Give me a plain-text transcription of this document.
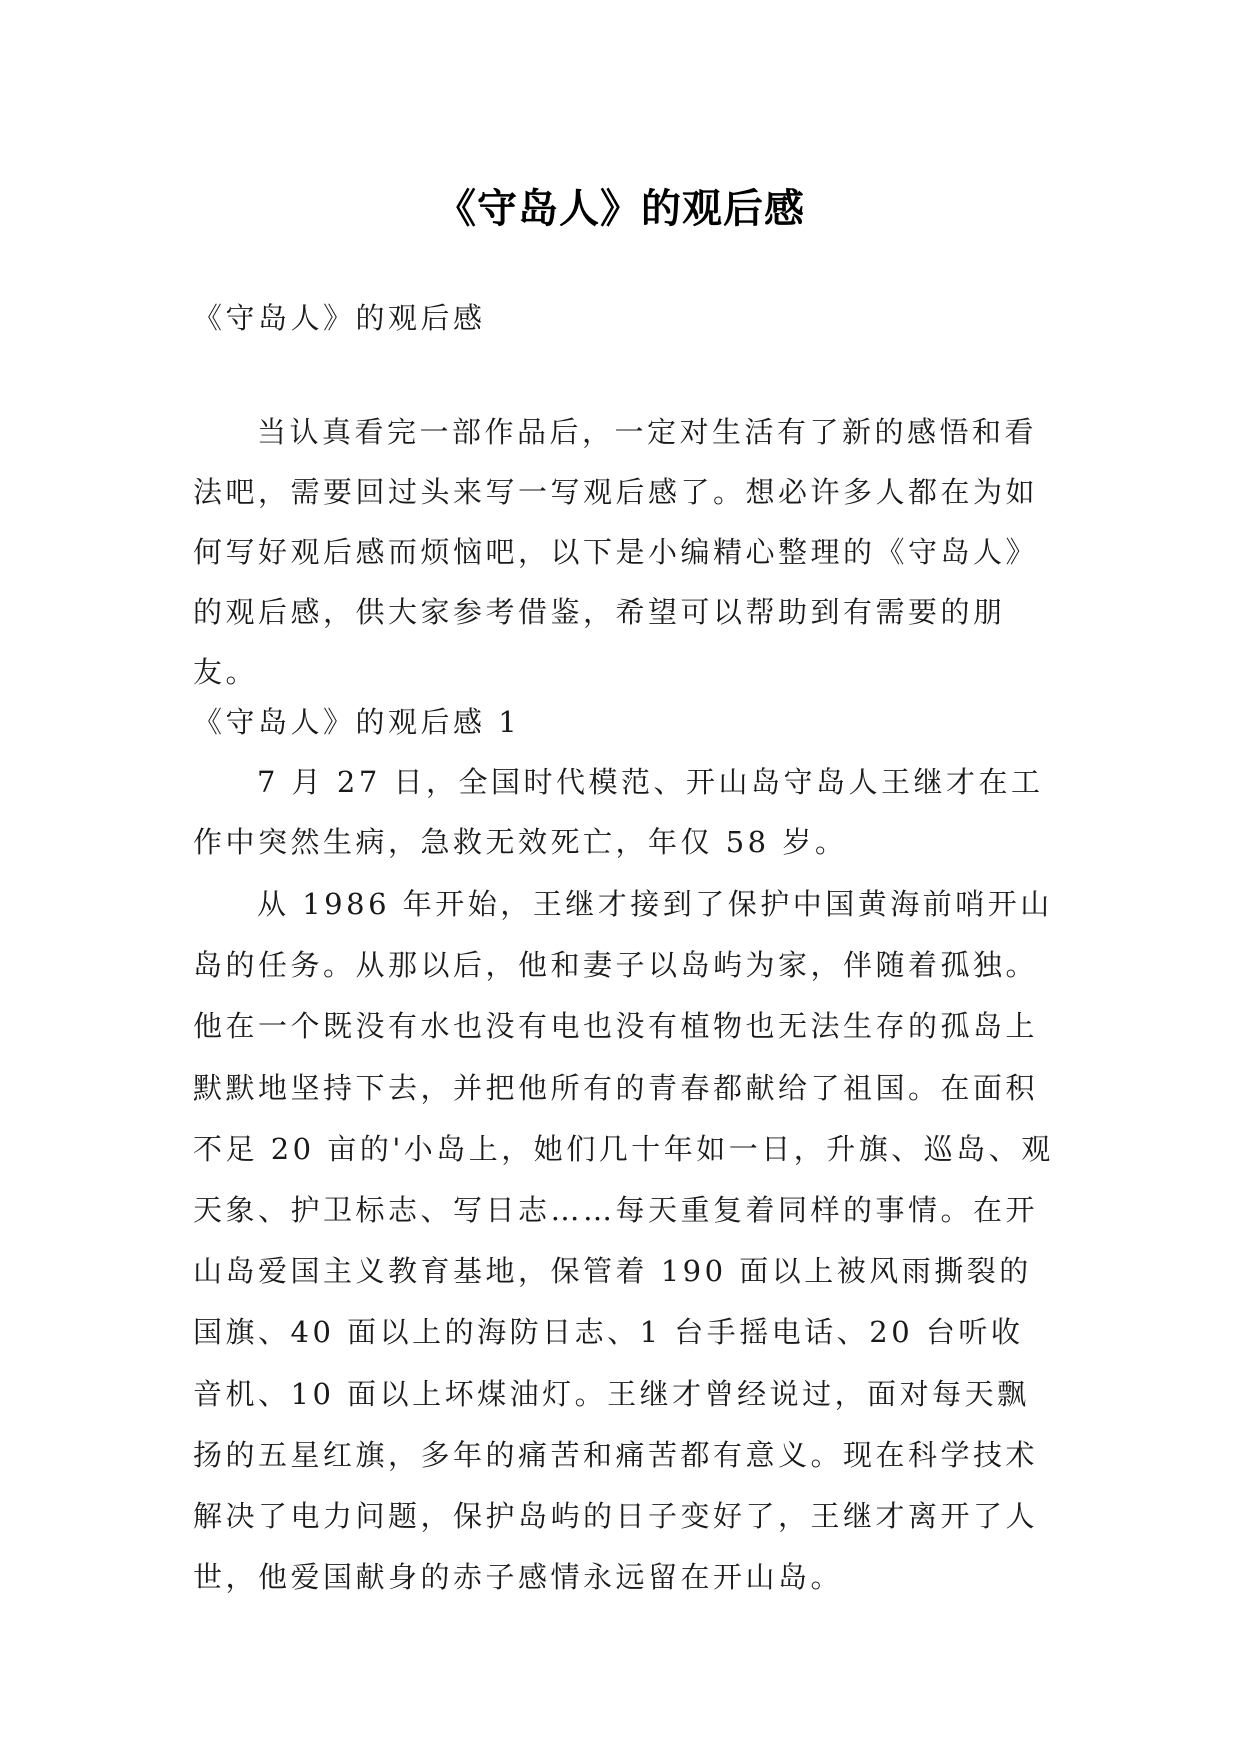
《守岛人》的观后感

《守岛人》的观后感

当认真看完一部作品后，一定对生活有了新的感悟和看法吧，需要回过头来写一写观后感了。想必许多人都在为如何写好观后感而烦恼吧，以下是小编精心整理的《守岛人》的观后感，供大家参考借鉴，希望可以帮助到有需要的朋友。

《守岛人》的观后感 1

7 月 27 日，全国时代模范、开山岛守岛人王继才在工作中突然生病，急救无效死亡，年仅 58 岁。

从 1986 年开始，王继才接到了保护中国黄海前哨开山岛的任务。从那以后，他和妻子以岛屿为家，伴随着孤独。他在一个既没有水也没有电也没有植物也无法生存的孤岛上默默地坚持下去，并把他所有的青春都献给了祖国。在面积不足 20 亩的'小岛上，她们几十年如一日，升旗、巡岛、观天象、护卫标志、写日志……每天重复着同样的事情。在开山岛爱国主义教育基地，保管着 190 面以上被风雨撕裂的国旗、40 面以上的海防日志、1 台手摇电话、20 台听收音机、10 面以上坏煤油灯。王继才曾经说过，面对每天飘扬的五星红旗，多年的痛苦和痛苦都有意义。现在科学技术解决了电力问题，保护岛屿的日子变好了，王继才离开了人世，他爱国献身的赤子感情永远留在开山岛。
